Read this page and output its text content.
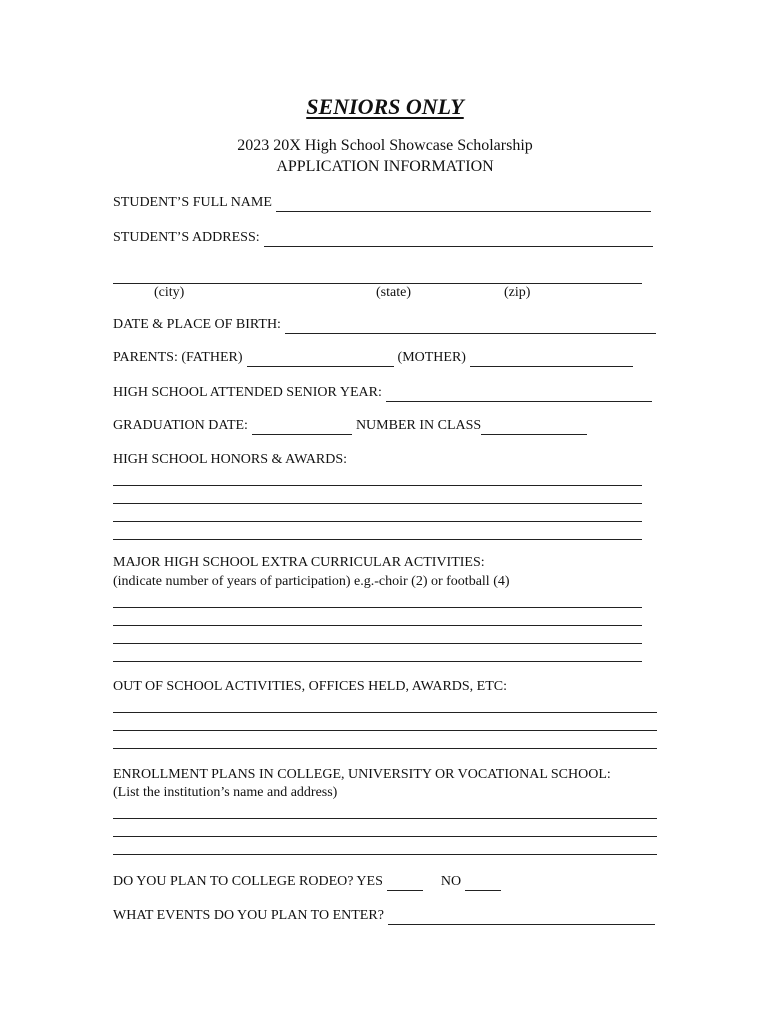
SENIORS ONLY

2023 20X High School Showcase Scholarship

APPLICATION INFORMATION

STUDENT’S FULL NAME
STUDENT’S ADDRESS:
(city)	(state)	(zip)
DATE & PLACE OF BIRTH:
PARENTS: (FATHER)	(MOTHER)
HIGH SCHOOL ATTENDED SENIOR YEAR:
GRADUATION DATE:	NUMBER IN CLASS
HIGH SCHOOL HONORS & AWARDS:
MAJOR HIGH SCHOOL EXTRA CURRICULAR ACTIVITIES:
(indicate number of years of participation) e.g.-choir (2) or football (4)
OUT OF SCHOOL ACTIVITIES, OFFICES HELD, AWARDS, ETC:
ENROLLMENT PLANS IN COLLEGE, UNIVERSITY OR VOCATIONAL SCHOOL:
(List the institution’s name and address)
DO YOU PLAN TO COLLEGE RODEO? YES	NO
WHAT EVENTS DO YOU PLAN TO ENTER?
